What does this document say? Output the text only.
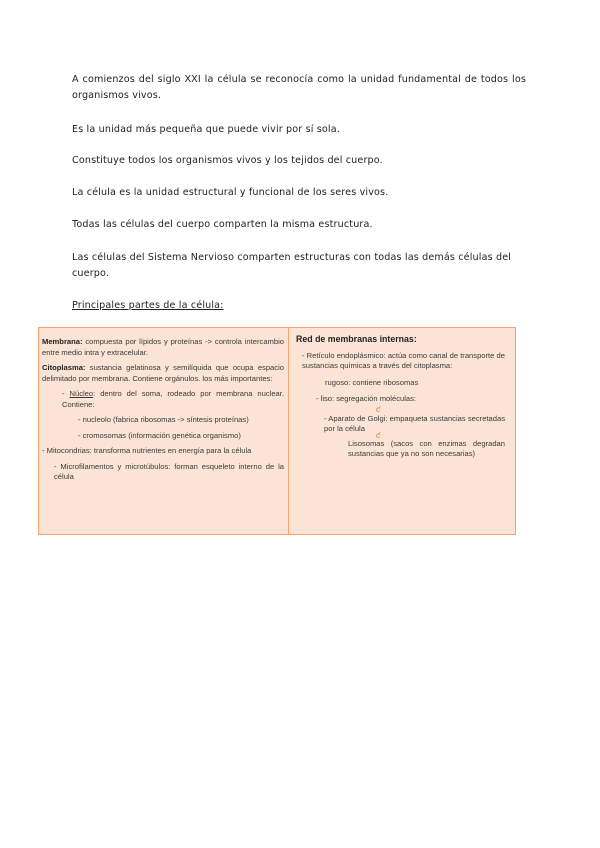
A comienzos del siglo XXI la célula se reconocía como la unidad fundamental de todos los organismos vivos.
Es la unidad más pequeña que puede vivir por sí sola.
Constituye todos los organismos vivos y los tejidos del cuerpo.
La célula es la unidad estructural y funcional de los seres vivos.
Todas las células del cuerpo comparten la misma estructura.
Las células del Sistema Nervioso comparten estructuras con todas las demás células del cuerpo.
Principales partes de la célula:

Membrana: compuesta por lípidos y proteínas -> controla intercambio entre medio intra y extracelular.

Citoplasma: sustancia gelatinosa y semilíquida que ocupa espacio delimitado por membrana. Contiene orgánulos. los más importantes:

- Núcleo: dentro del soma, rodeado por membrana nuclear. Contiene:

- nucleolo (fabrica ribosomas -> síntesis proteínas)

- cromosomas (información genética organismo)

- Mitocondrias: transforma nutrientes en energía para la célula

- Microfilamentos y microtúbulos: forman esqueleto interno de la célula

Red de membranas internas:

- Retículo endoplásmico: actúa como canal de transporte de sustancias químicas a través del citoplasma:

rugoso: contiene ribosomas

- liso: segregación moléculas:

ƈ

- Aparato de Golgi: empaqueta sustancias secretadas por la célula

ƈ

Lisosomas (sacos con enzimas degradan sustancias que ya no son necesarias)
